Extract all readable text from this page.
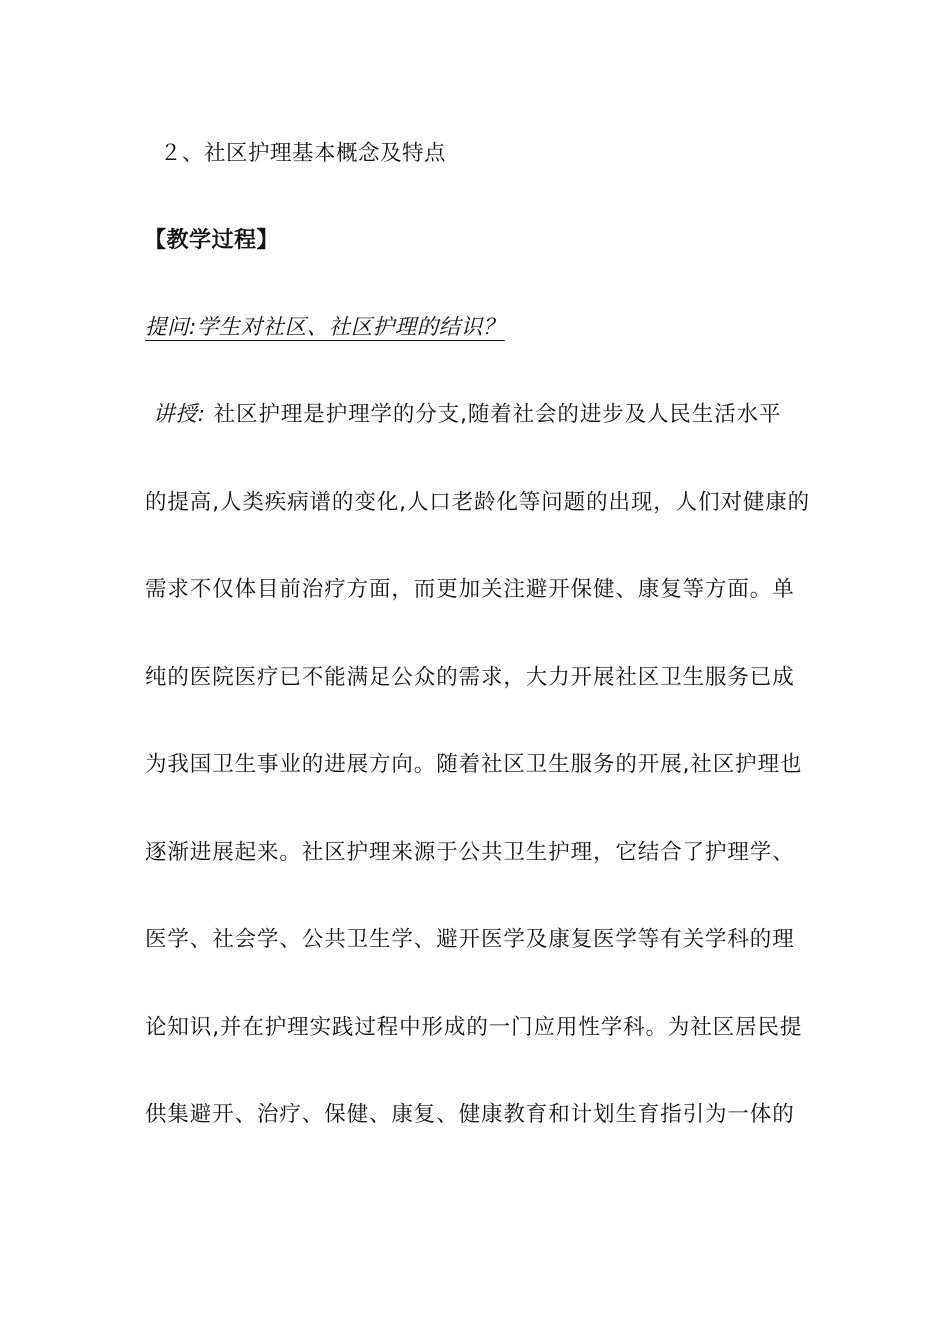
２、社区护理基本概念及特点
【教学过程】
提问:学生对社区、社区护理的结识？
讲授: 社区护理是护理学的分支,随着社会的进步及人民生活水平
的提高,人类疾病谱的变化,人口老龄化等问题的出现，人们对健康的
需求不仅体目前治疗方面，而更加关注避开保健、康复等方面。单
纯的医院医疗已不能满足公众的需求，大力开展社区卫生服务已成
为我国卫生事业的进展方向。随着社区卫生服务的开展,社区护理也
逐渐进展起来。社区护理来源于公共卫生护理，它结合了护理学、
医学、社会学、公共卫生学、避开医学及康复医学等有关学科的理
论知识,并在护理实践过程中形成的一门应用性学科。为社区居民提
供集避开、治疗、保健、康复、健康教育和计划生育指引为一体的
